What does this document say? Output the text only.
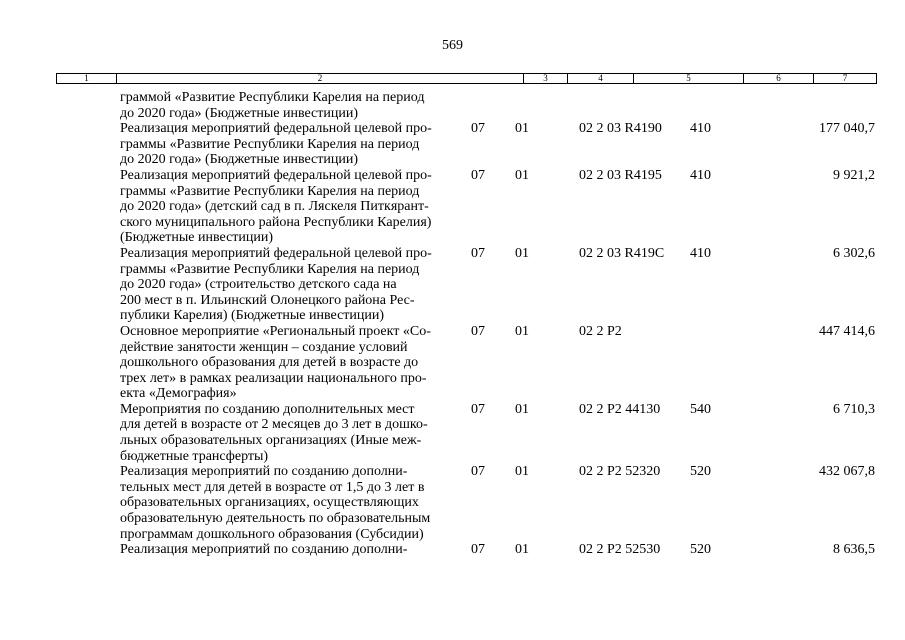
569
1	2	3	4	5	6	7
граммой «Развитие Республики Карелия на период
до 2020 года» (Бюджетные инвестиции)
Реализация мероприятий федеральной целевой про-
граммы «Развитие Республики Карелия на период
до 2020 года» (Бюджетные инвестиции)
07 01	02 2 03 R4190 410	177 040,7
Реализация мероприятий федеральной целевой про-
граммы «Развитие Республики Карелия на период
до 2020 года» (детский сад в п. Ляскеля Питкярант-
ского муниципального района Республики Карелия)
(Бюджетные инвестиции)
07 01	02 2 03 R4195 410	9 921,2
Реализация мероприятий федеральной целевой про-
граммы «Развитие Республики Карелия на период
до 2020 года» (строительство детского сада на
200 мест в п. Ильинский Олонецкого района Рес-
публики Карелия) (Бюджетные инвестиции)
07 01	02 2 03 R419C 410	6 302,6
Основное мероприятие «Региональный проект «Со-
действие занятости женщин – создание условий
дошкольного образования для детей в возрасте до
трех лет» в рамках реализации национального про-
екта «Демография»
07 01	02 2 P2	447 414,6
Мероприятия по созданию дополнительных мест
для детей в возрасте от 2 месяцев до 3 лет в дошко-
льных образовательных организациях (Иные меж-
бюджетные трансферты)
07 01	02 2 P2 44130 540	6 710,3
Реализация мероприятий по созданию дополни-
тельных мест для детей в возрасте от 1,5 до 3 лет в
образовательных организациях, осуществляющих
образовательную деятельность по образовательным
программам дошкольного образования (Субсидии)
07 01	02 2 P2 52320 520	432 067,8
Реализация мероприятий по созданию дополни-	07 01	02 2 P2 52530 520	8 636,5
